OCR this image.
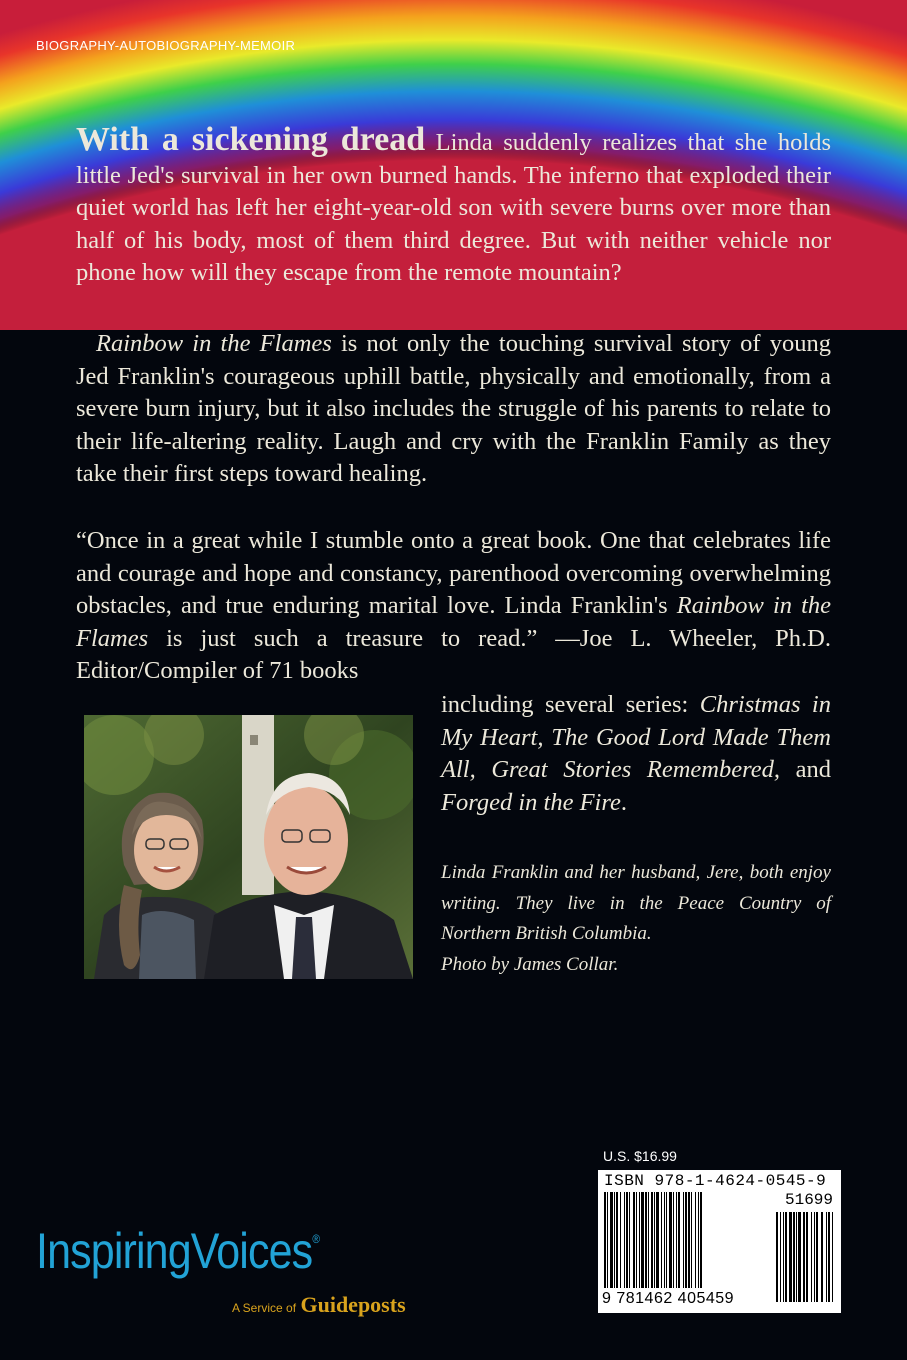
BIOGRAPHY-AUTOBIOGRAPHY-MEMOIR
With a sickening dread Linda suddenly realizes that she holds little Jed's survival in her own burned hands. The inferno that exploded their quiet world has left her eight-year-old son with severe burns over more than half of his body, most of them third degree. But with neither vehicle nor phone how will they escape from the remote mountain?
Rainbow in the Flames is not only the touching survival story of young Jed Franklin's courageous uphill battle, physically and emotionally, from a severe burn injury, but it also includes the struggle of his parents to relate to their life-altering reality. Laugh and cry with the Franklin Family as they take their first steps toward healing.
“Once in a great while I stumble onto a great book. One that celebrates life and courage and hope and constancy, parenthood overcoming overwhelming obstacles, and true enduring marital love. Linda Franklin's Rainbow in the Flames is just such a treasure to read.” —Joe L. Wheeler, Ph.D. Editor/Compiler of 71 books
including several series: Christmas in My Heart, The Good Lord Made Them All, Great Stories Remembered, and Forged in the Fire.
Linda Franklin and her husband, Jere, both enjoy writing. They live in the Peace Country of Northern British Columbia.
Photo by James Collar.
U.S. $16.99
ISBN 978-1-4624-0545-9
51699
9 781462 405459
InspiringVoices®
A Service of Guideposts
